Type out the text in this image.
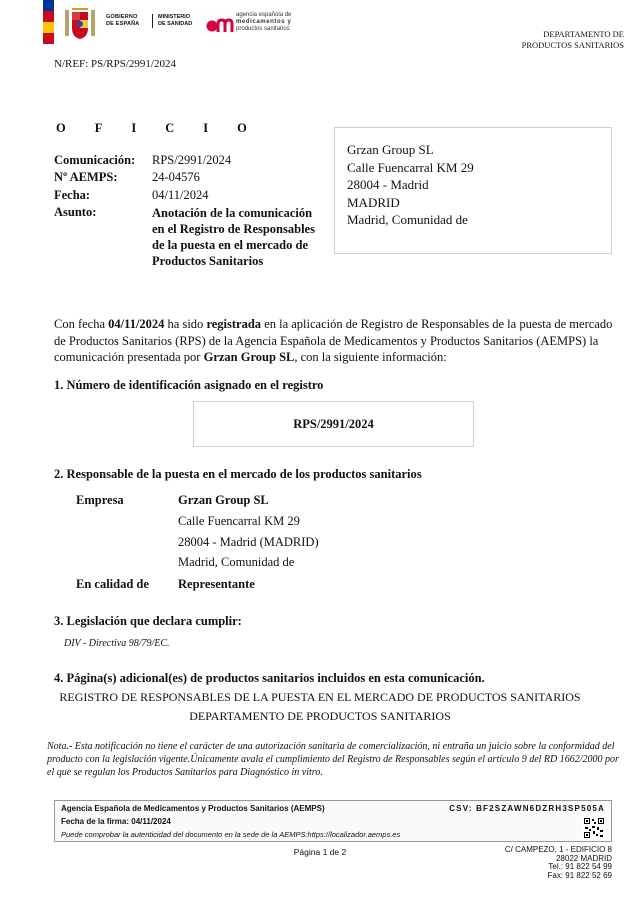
GOBIERNO
DE ESPAÑA
MINISTERIO
DE SANIDAD
agencia española de
medicamentos y
productos sanitarios	DEPARTAMENTO DE
PRODUCTOS SANITARIOS
N/REF: PS/RPS/2991/2024
OFICIO
Comunicación: RPS/2991/2024
Nº AEMPS:	24-04576
Fecha:	04/11/2024
Asunto:	Anotación de la comunicación en el Registro de Responsables de la puesta en el mercado de Productos Sanitarios
Grzan Group SL
Calle Fuencarral KM 29
28004 - Madrid
MADRID
Madrid, Comunidad de
Con fecha 04/11/2024 ha sido registrada en la aplicación de Registro de Responsables de la puesta de mercado de Productos Sanitarios (RPS) de la Agencia Española de Medicamentos y Productos Sanitarios (AEMPS) la comunicación presentada por Grzan Group SL, con la siguiente información:
1. Número de identificación asignado en el registro
RPS/2991/2024
2. Responsable de la puesta en el mercado de los productos sanitarios
Empresa	Grzan Group SL
Calle Fuencarral KM 29
28004 - Madrid (MADRID)
Madrid, Comunidad de
En calidad de Representante
3. Legislación que declara cumplir:
DIV - Directiva 98/79/EC.
4. Página(s) adicional(es) de productos sanitarios incluidos en esta comunicación.
REGISTRO DE RESPONSABLES DE LA PUESTA EN EL MERCADO DE PRODUCTOS SANITARIOS
DEPARTAMENTO DE PRODUCTOS SANITARIOS
Nota.- Esta notificación no tiene el carácter de una autorización sanitaria de comercialización, ni entraña un juicio sobre la conformidad del producto con la legislación vigente.Únicamente avala el cumplimiento del Registro de Responsables según el artículo 9 del RD 1662/2000 por el que se regulan los Productos Sanitarios para Diagnóstico in vitro.
Agencia Española de Medicamentos y Productos Sanitarios (AEMPS)	CSV: BF2SZAWN6DZRH3SP505A
Fecha de la firma: 04/11/2024
Puede comprobar la autenticidad del documento en la sede de la AEMPS:https://localizador.aemps.es
Página 1 de 2	C/ CAMPEZO, 1 - EDIFICIO 8
28022 MADRID
Tel.: 91 822 54 99
Fax: 91 822 52 69
